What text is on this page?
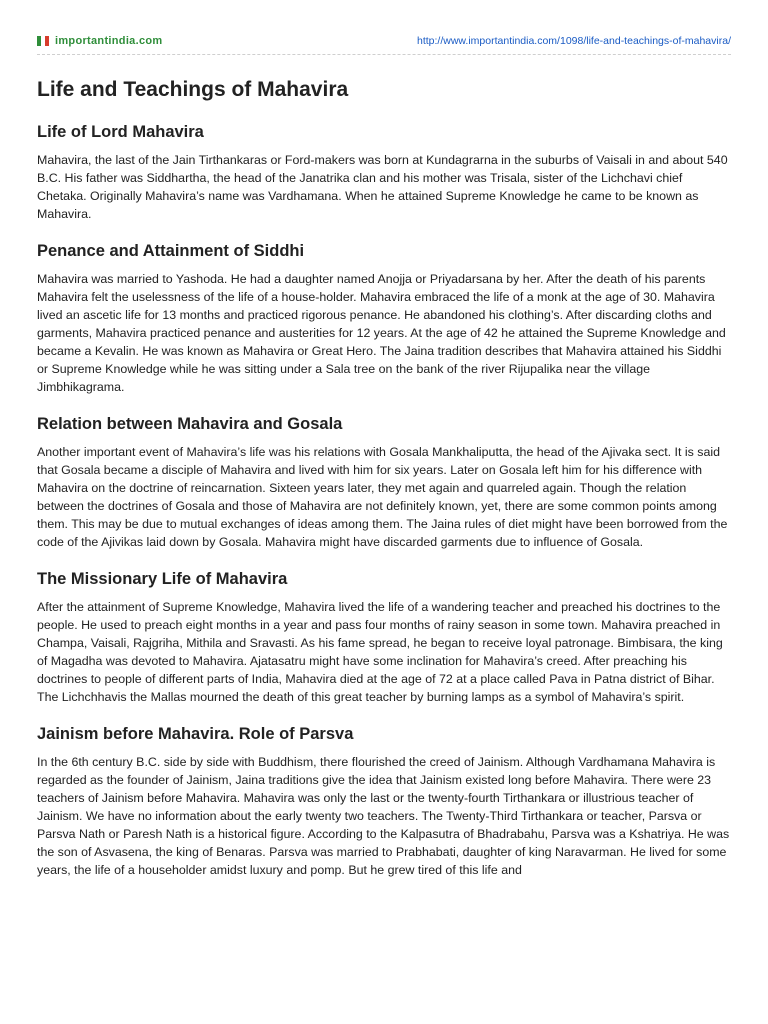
importantindia.com	http://www.importantindia.com/1098/life-and-teachings-of-mahavira/
Life and Teachings of Mahavira
Life of Lord Mahavira

Mahavira, the last of the Jain Tirthankaras or Ford-makers was born at Kundagrarna in the suburbs of Vaisali in and about 540 B.C. His father was Siddhartha, the head of the Janatrika clan and his mother was Trisala, sister of the Lichchavi chief Chetaka. Originally Mahavira’s name was Vardhamana. When he attained Supreme Knowledge he came to be known as Mahavira.

Penance and Attainment of Siddhi

Mahavira was married to Yashoda. He had a daughter named Anojja or Priyadarsana by her. After the death of his parents Mahavira felt the uselessness of the life of a house-holder. Mahavira embraced the life of a monk at the age of 30. Mahavira lived an ascetic life for 13 months and practiced rigorous penance. He abandoned his clothing’s. After discarding cloths and garments, Mahavira practiced penance and austerities for 12 years. At the age of 42 he attained the Supreme Knowledge and became a Kevalin. He was known as Mahavira or Great Hero. The Jaina tradition describes that Mahavira attained his Siddhi or Supreme Knowledge while he was sitting under a Sala tree on the bank of the river Rijupalika near the village Jimbhikagrama.

Relation between Mahavira and Gosala

Another important event of Mahavira’s life was his relations with Gosala Mankhaliputta, the head of the Ajivaka sect. It is said that Gosala became a disciple of Mahavira and lived with him for six years. Later on Gosala left him for his difference with Mahavira on the doctrine of reincarnation. Sixteen years later, they met again and quarreled again. Though the relation between the doctrines of Gosala and those of Mahavira are not definitely known, yet, there are some common points among them. This may be due to mutual exchanges of ideas among them. The Jaina rules of diet might have been borrowed from the code of the Ajivikas laid down by Gosala. Mahavira might have discarded garments due to influence of Gosala.

The Missionary Life of Mahavira

After the attainment of Supreme Knowledge, Mahavira lived the life of a wandering teacher and preached his doctrines to the people. He used to preach eight months in a year and pass four months of rainy season in some town. Mahavira preached in Champa, Vaisali, Rajgriha, Mithila and Sravasti. As his fame spread, he began to receive loyal patronage. Bimbisara, the king of Magadha was devoted to Mahavira. Ajatasatru might have some inclination for Mahavira’s creed. After preaching his doctrines to people of different parts of India, Mahavira died at the age of 72 at a place called Pava in Patna district of Bihar. The Lichchhavis the Mallas mourned the death of this great teacher by burning lamps as a symbol of Mahavira’s spirit.

Jainism before Mahavira. Role of Parsva

In the 6th century B.C. side by side with Buddhism, there flourished the creed of Jainism. Although Vardhamana Mahavira is regarded as the founder of Jainism, Jaina traditions give the idea that Jainism existed long before Mahavira. There were 23 teachers of Jainism before Mahavira. Mahavira was only the last or the twenty-fourth Tirthankara or illustrious teacher of Jainism. We have no information about the early twenty two teachers. The Twenty-Third Tirthankara or teacher, Parsva or Parsva Nath or Paresh Nath is a historical figure. According to the Kalpasutra of Bhadrabahu, Parsva was a Kshatriya. He was the son of Asvasena, the king of Benaras. Parsva was married to Prabhabati, daughter of king Naravarman. He lived for some years, the life of a householder amidst luxury and pomp. But he grew tired of this life and
